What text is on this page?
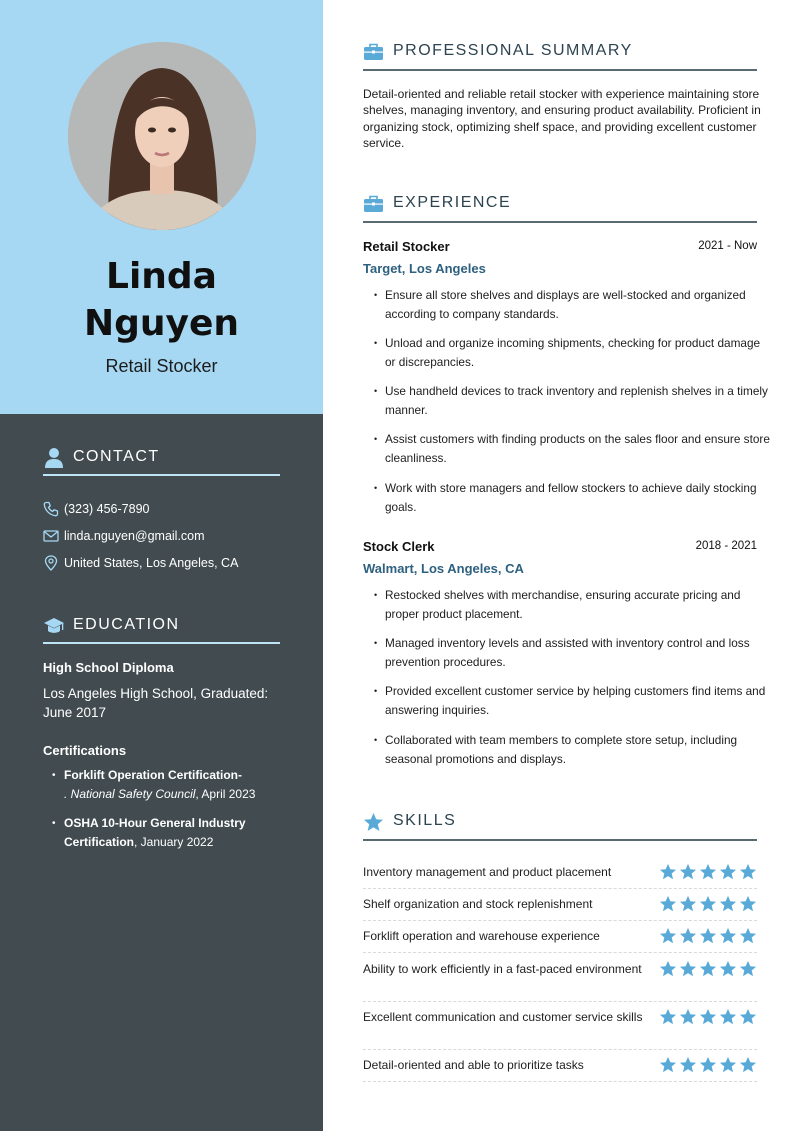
Linda
Nguyen
Retail Stocker
CONTACT
(323) 456-7890
linda.nguyen@gmail.com
United States, Los Angeles, CA
EDUCATION
High School Diploma
Los Angeles High School, Graduated: June 2017
Certifications
• Forklift Operation Certification-
. National Safety Council, April 2023
• OSHA 10-Hour General Industry Certification, January 2022
PROFESSIONAL SUMMARY
Detail-oriented and reliable retail stocker with experience maintaining store shelves, managing inventory, and ensuring product availability. Proficient in organizing stock, optimizing shelf space, and providing excellent customer service.
EXPERIENCE
Retail Stocker	2021 - Now
Target, Los Angeles
• Ensure all store shelves and displays are well-stocked and organized according to company standards.
• Unload and organize incoming shipments, checking for product damage or discrepancies.
• Use handheld devices to track inventory and replenish shelves in a timely manner.
• Assist customers with finding products on the sales floor and ensure store cleanliness.
• Work with store managers and fellow stockers to achieve daily stocking goals.
Stock Clerk	2018 - 2021
Walmart, Los Angeles, CA
• Restocked shelves with merchandise, ensuring accurate pricing and proper product placement.
• Managed inventory levels and assisted with inventory control and loss prevention procedures.
• Provided excellent customer service by helping customers find items and answering inquiries.
• Collaborated with team members to complete store setup, including seasonal promotions and displays.
SKILLS
Inventory management and product placement
Shelf organization and stock replenishment
Forklift operation and warehouse experience
Ability to work efficiently in a fast-paced environment
Excellent communication and customer service skills
Detail-oriented and able to prioritize tasks
